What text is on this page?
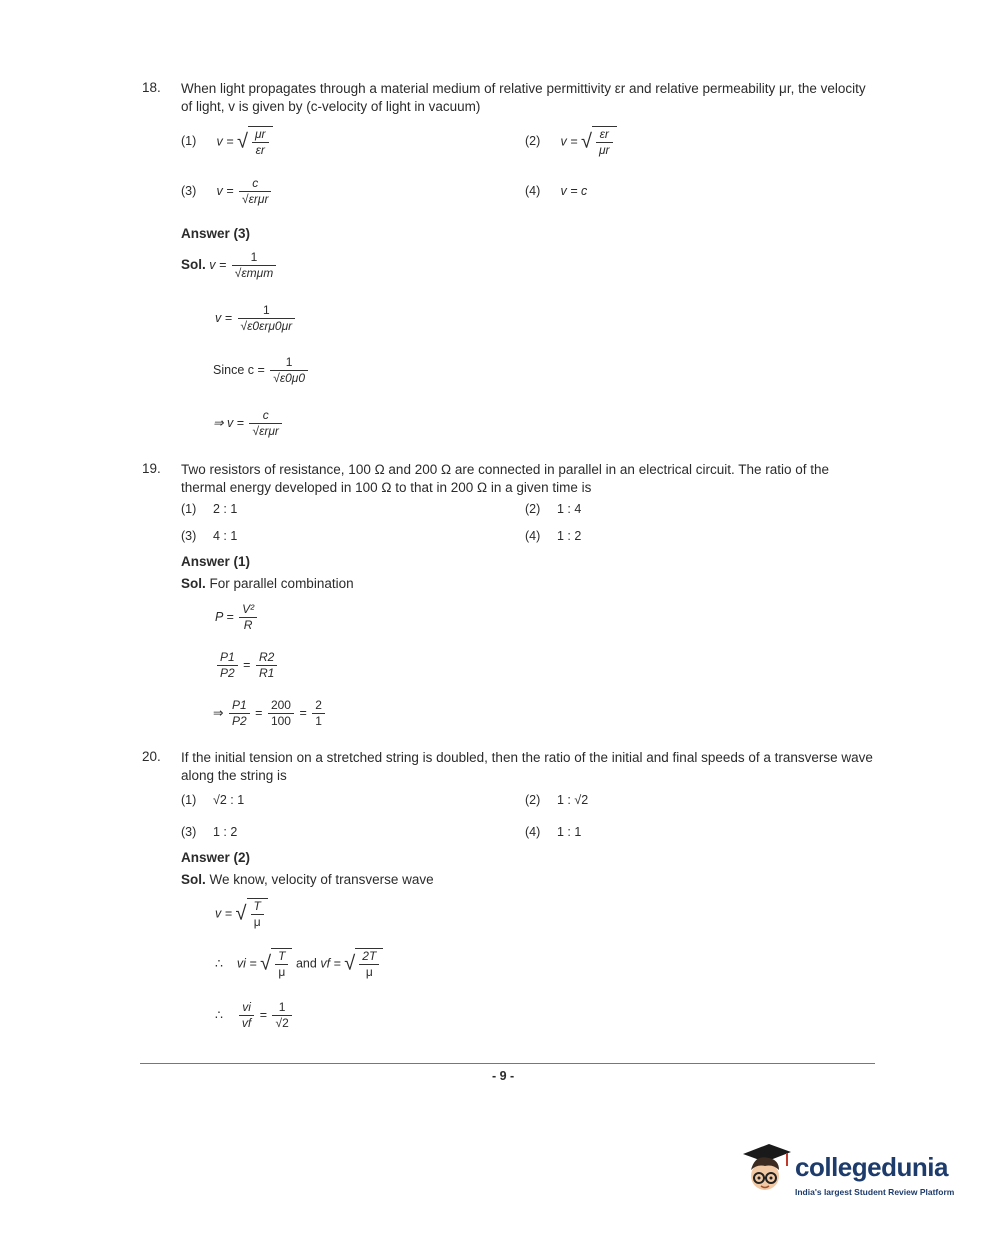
18. When light propagates through a material medium of relative permittivity εr and relative permeability μr, the velocity of light, v is given by (c-velocity of light in vacuum)
(1) v = √ $\frac{\mu r}{\varepsilon r}$	(2) v = √ $\frac{\varepsilon r}{\mu r}$
(3) $v = \frac{c}{\text{√εrμr}}$	(4) v = c
Answer (3)
Sol. $v = \frac{1}{\text{√εmμm}}$
$v = \frac{1}{\text{√ε0εrμ0μr}}$
Since $c = \frac{1}{√\varepsilon 0\mu 0}$
⇒ $v = \frac{c}{\text{√εrμr}}$
19. Two resistors of resistance, 100 Ω and 200 Ω are connected in parallel in an electrical circuit. The ratio of the thermal energy developed in 100 Ω to that in 200 Ω in a given time is
(1) 2 : 1	(2) 1 : 4
(3) 4 : 1	(4) 1 : 2
Answer (1)
Sol. For parallel combination
$P = \frac{\text{V²}}{R}$
$\frac{P1}{P2} = \frac{R2}{R1}$
⇒ $\frac{P1}{P2} = \frac{200}{100} = \frac{2}{1}$
20. If the initial tension on a stretched string is doubled, then the ratio of the initial and final speeds of a transverse wave along the string is
(1) √2 : 1	(2) 1 : √2
(3) 1 : 2	(4) 1 : 1
Answer (2)
Sol. We know, velocity of transverse wave
v = √ $\frac{T}{\mu}$
∴ vi = √ $\frac{T}{\mu}$ and vf = √ $\frac{2T}{\mu}$
∴ $\frac{vi}{vf} = \frac{1}{√2}$
- 9 -
collegedunia
India's largest Student Review Platform
